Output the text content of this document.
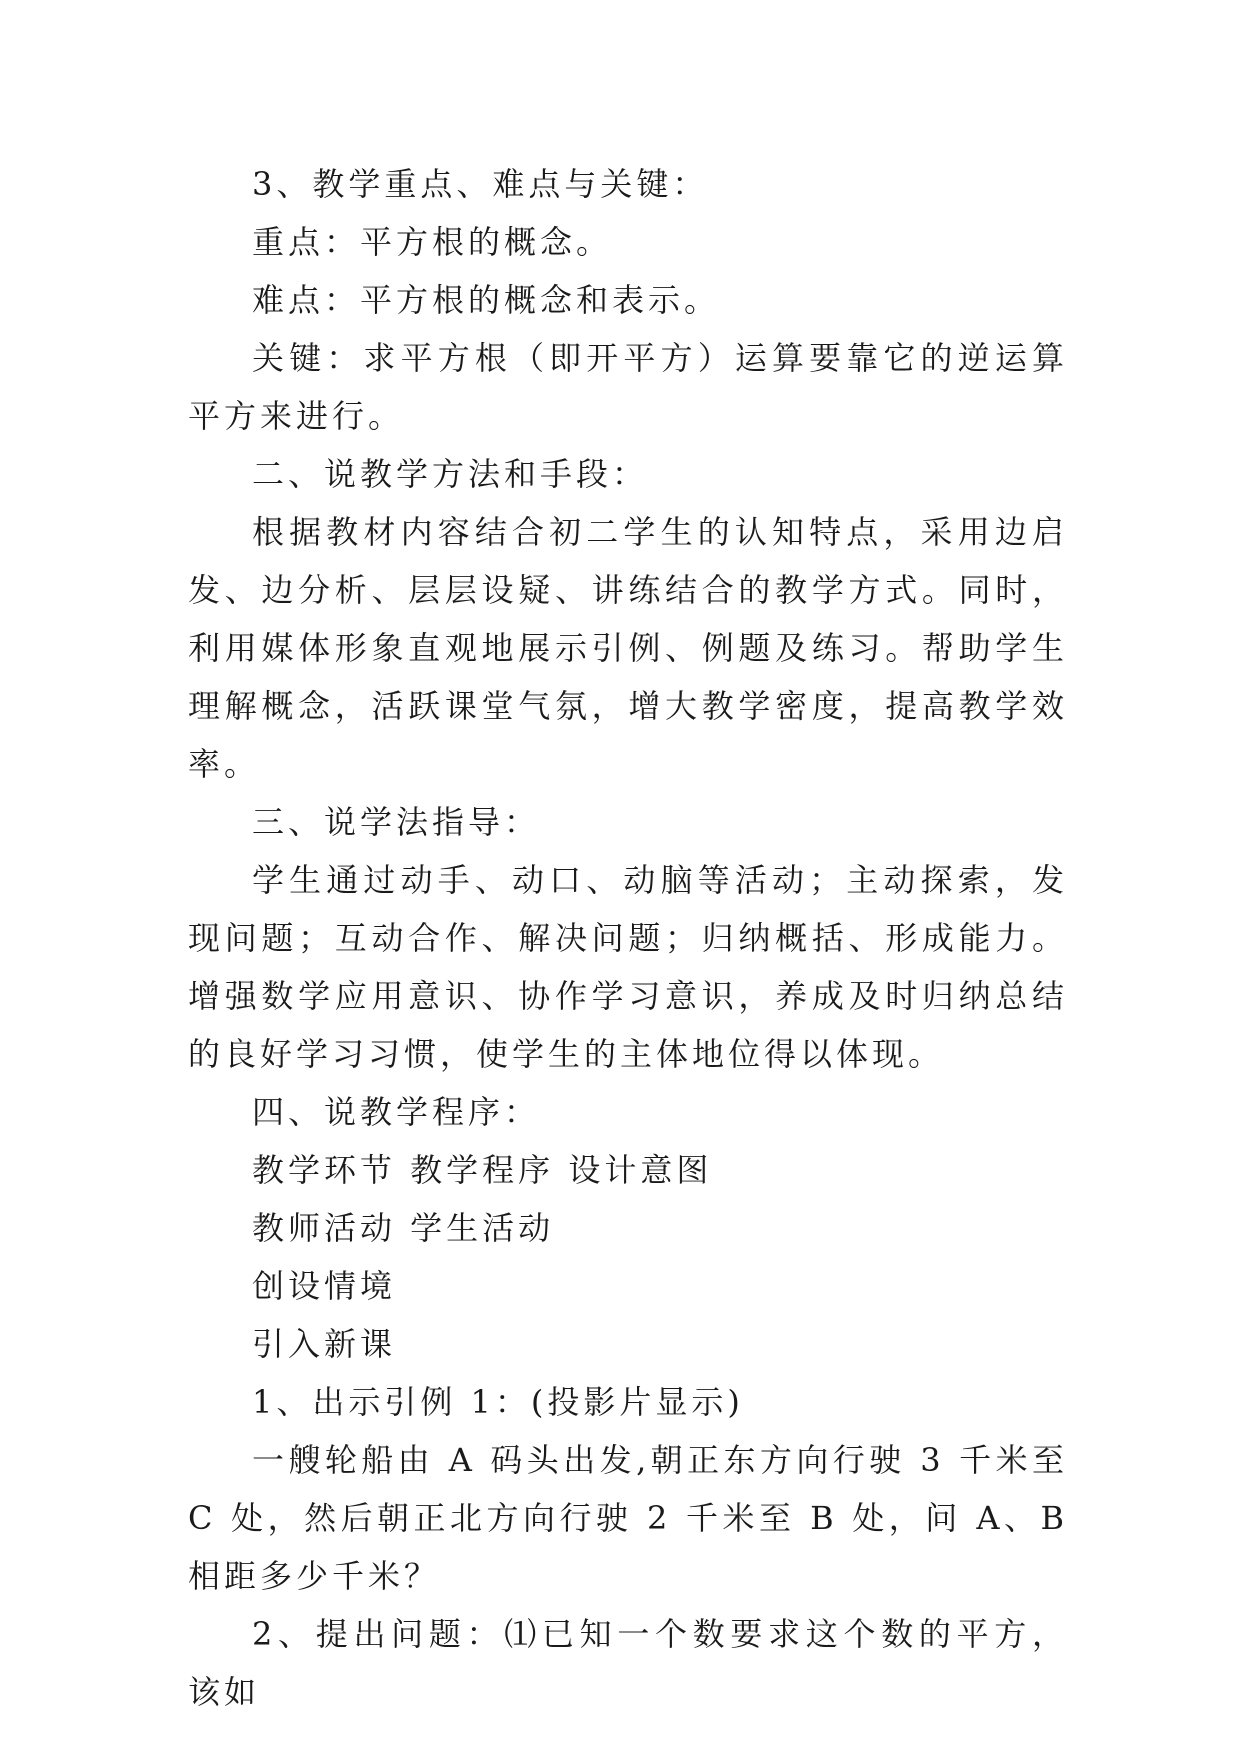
3、教学重点、难点与关键：

重点：平方根的概念。

难点：平方根的概念和表示。

关键：求平方根（即开平方）运算要靠它的逆运算平方来进行。

二、说教学方法和手段：

根据教材内容结合初二学生的认知特点，采用边启发、边分析、层层设疑、讲练结合的教学方式。同时，利用媒体形象直观地展示引例、例题及练习。帮助学生理解概念，活跃课堂气氛，增大教学密度，提高教学效率。

三、说学法指导：

学生通过动手、动口、动脑等活动；主动探索，发现问题；互动合作、解决问题；归纳概括、形成能力。增强数学应用意识、协作学习意识，养成及时归纳总结的良好学习习惯，使学生的主体地位得以体现。

四、说教学程序：

教学环节 教学程序 设计意图

教师活动 学生活动

创设情境

引入新课

1、出示引例 1：(投影片显示)

一艘轮船由 A 码头出发,朝正东方向行驶 3 千米至 C 处，然后朝正北方向行驶 2 千米至 B 处，问 A、B 相距多少千米？

2、提出问题：⑴已知一个数要求这个数的平方，该如
